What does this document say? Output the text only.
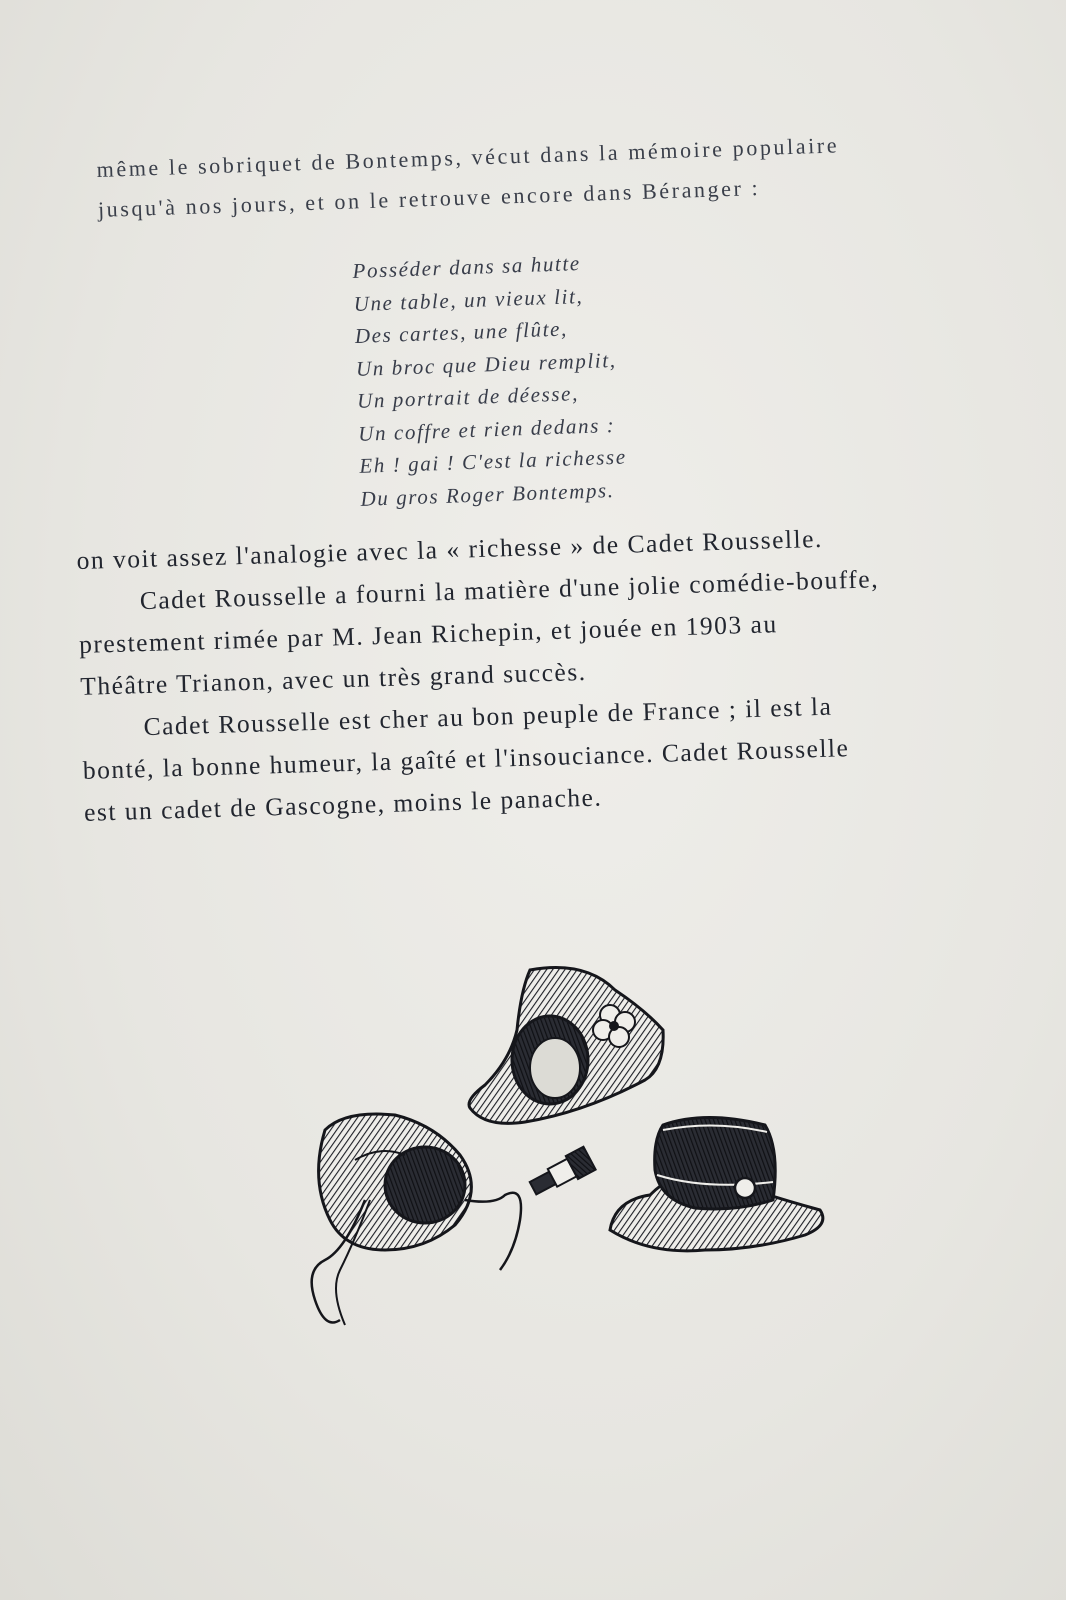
même le sobriquet de Bontemps, vécut dans la mémoire populaire
jusqu'à nos jours, et on le retrouve encore dans Béranger :
Posséder dans sa hutte
Une table, un vieux lit,
Des cartes, une flûte,
Un broc que Dieu remplit,
Un portrait de déesse,
Un coffre et rien dedans :
Eh ! gai ! C'est la richesse
Du gros Roger Bontemps.
on voit assez l'analogie avec la « richesse » de Cadet Rousselle.
Cadet Rousselle a fourni la matière d'une jolie comédie-bouffe,
prestement rimée par M. Jean Richepin, et jouée en 1903 au
Théâtre Trianon, avec un très grand succès.
Cadet Rousselle est cher au bon peuple de France ; il est la
bonté, la bonne humeur, la gaîté et l'insouciance. Cadet Rousselle
est un cadet de Gascogne, moins le panache.
